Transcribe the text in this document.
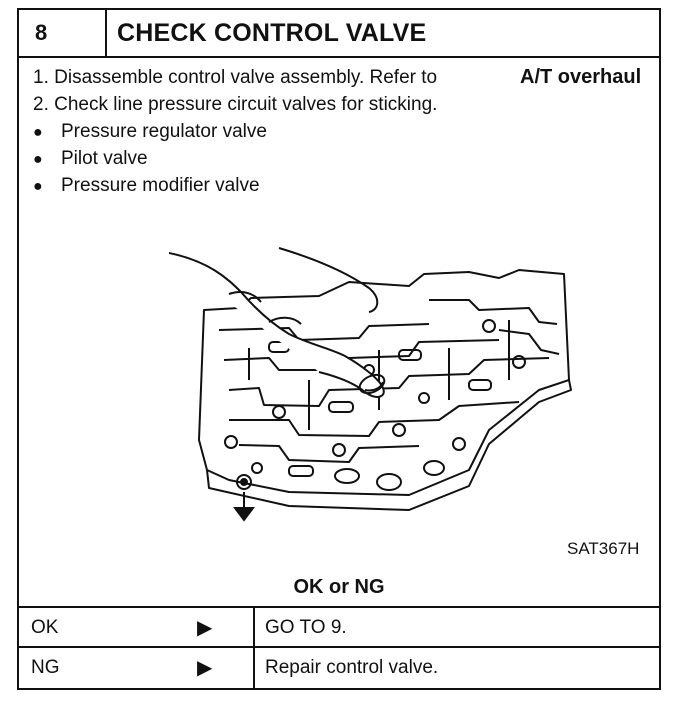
8	CHECK CONTROL VALVE
1. Disassemble control valve assembly. Refer to	A/T overhaul
2. Check line pressure circuit valves for sticking.
● Pressure regulator valve
● Pilot valve
● Pressure modifier valve
SAT367H
OK or NG
OK	▶	GO TO 9.
NG	▶	Repair control valve.
